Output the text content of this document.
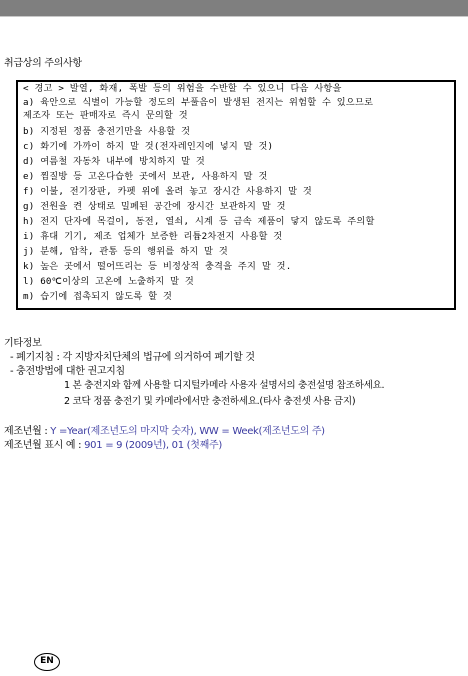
취급상의 주의사항
< 경고 > 발열, 화재, 폭발 등의 위험을 수반할 수 있으니 다음 사항을
a) 육안으로 식별이 가능할 정도의 부풀음이 발생된 전지는 위험할 수 있으므로
제조자 또는 판매자로 즉시 문의할 것
b) 지정된 정품 충전기만을 사용할 것
c) 화기에 가까이 하지 말 것(전자레인지에 넣지 말 것)
d) 여름철 자동차 내부에 방치하지 말 것
e) 찜질방 등 고온다습한 곳에서 보관, 사용하지 말 것
f) 이불, 전기장판, 카펫 위에 올려 놓고 장시간 사용하지 말 것
g) 전원을 켠 상태로 밀폐된 공간에 장시간 보관하지 말 것
h) 전지 단자에 목걸이, 동전, 열쇠, 시계 등 금속 제품이 닿지 않도록 주의할
i) 휴대 기기, 제조 업체가 보증한 리튬2차전지 사용할 것
j) 분해, 압착, 관통 등의 행위를 하지 말 것
k) 높은 곳에서 떨어뜨리는 등 비정상적 충격을 주지 말 것.
l) 60℃이상의 고온에 노출하지 말 것
m) 습기에 접촉되지 않도록 할 것
기타정보
- 폐기지침 : 각 지방자치단체의 법규에 의거하여 폐기할 것
- 충전방법에 대한 권고지침
1 본 충전지와 함께 사용할 디지털카메라 사용자 설명서의 충전설명 참조하세요.
2 코닥 정품 충전기 및 카메라에서만 충전하세요.(타사 충전셋 사용 금지)
제조년월 : Y =Year(제조년도의 마지막 숫자), WW = Week(제조년도의 주)
제조년월 표시 예 : 901 = 9 (2009년), 01 (첫째주)
EN
